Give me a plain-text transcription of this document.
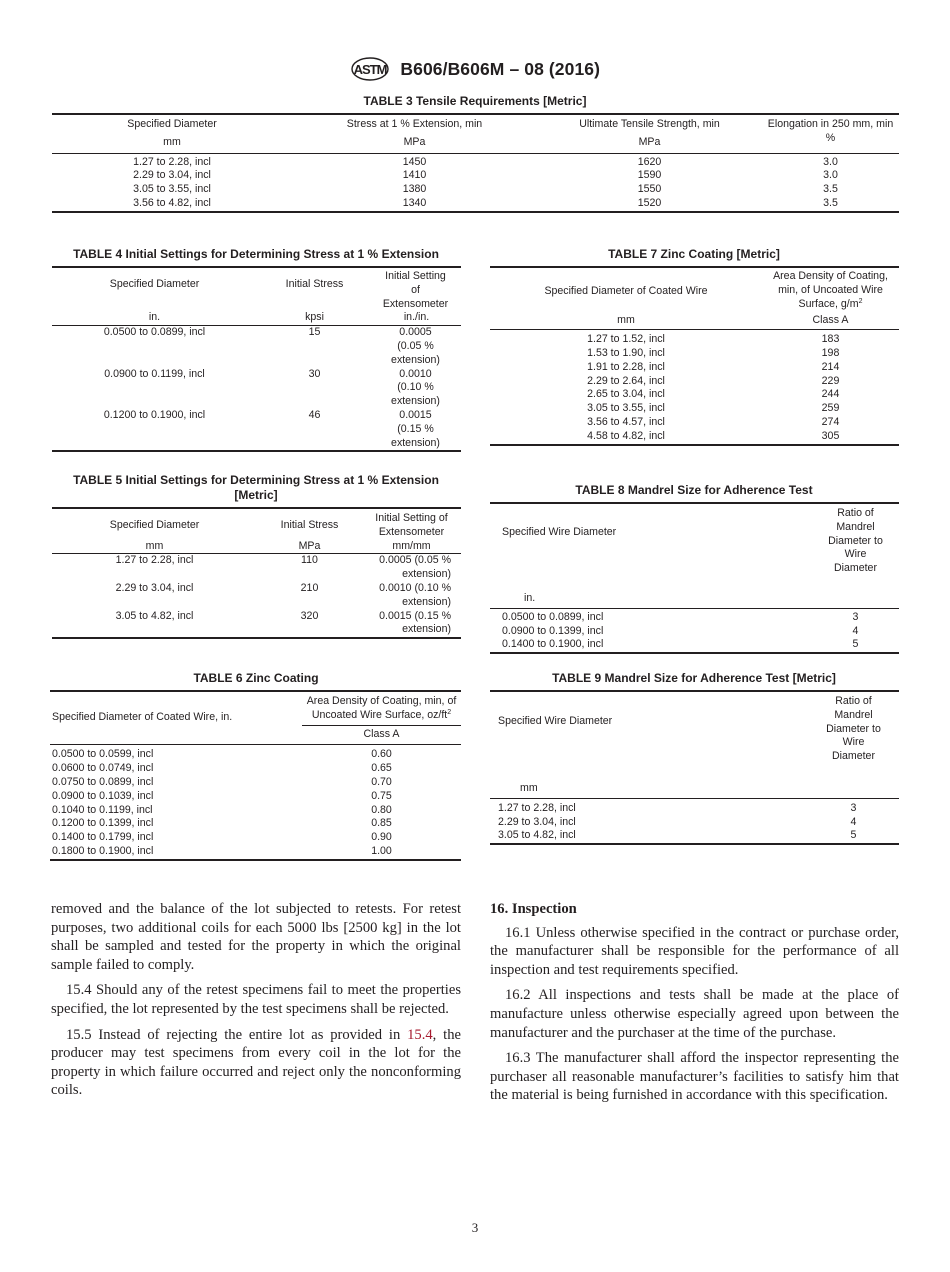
ASTM B606/B606M – 08 (2016)
TABLE 3 Tensile Requirements [Metric]
Specified Diameter	Stress at 1 % Extension, min	Ultimate Tensile Strength, min	Elongation in 250 mm, min %
mm	MPa	MPa	
1.27 to 2.28, incl	1450	1620	3.0
2.29 to 3.04, incl	1410	1590	3.0
3.05 to 3.55, incl	1380	1550	3.5
3.56 to 4.82, incl	1340	1520	3.5
TABLE 4 Initial Settings for Determining Stress at 1 % Extension
Specified Diameter	Initial Stress	Initial Setting of Extensometer
in.	kpsi	in./in.
0.0500 to 0.0899, incl	15	0.0005 (0.05 % extension)
0.0900 to 0.1199, incl	30	0.0010 (0.10 % extension)
0.1200 to 0.1900, incl	46	0.0015 (0.15 % extension)
TABLE 7 Zinc Coating [Metric]
Specified Diameter of Coated Wire	Area Density of Coating, min, of Uncoated Wire Surface, $g/m^2$
mm	Class A
1.27 to 1.52, incl	183
1.53 to 1.90, incl	198
1.91 to 2.28, incl	214
2.29 to 2.64, incl	229
2.65 to 3.04, incl	244
3.05 to 3.55, incl	259
3.56 to 4.57, incl	274
4.58 to 4.82, incl	305
TABLE 5 Initial Settings for Determining Stress at 1 % Extension [Metric]
Specified Diameter	Initial Stress	Initial Setting of Extensometer
mm	MPa	mm/mm
1.27 to 2.28, incl	110	0.0005 (0.05 % extension)
2.29 to 3.04, incl	210	0.0010 (0.10 % extension)
3.05 to 4.82, incl	320	0.0015 (0.15 % extension)
TABLE 8 Mandrel Size for Adherence Test
Specified Wire Diameter	Ratio of Mandrel Diameter to Wire Diameter
in.	
0.0500 to 0.0899, incl	3
0.0900 to 0.1399, incl	4
0.1400 to 0.1900, incl	5
TABLE 6 Zinc Coating
Specified Diameter of Coated Wire, in.	Area Density of Coating, min, of Uncoated Wire Surface, $oz/ft^2$
	Class A
0.0500 to 0.0599, incl	0.60
0.0600 to 0.0749, incl	0.65
0.0750 to 0.0899, incl	0.70
0.0900 to 0.1039, incl	0.75
0.1040 to 0.1199, incl	0.80
0.1200 to 0.1399, incl	0.85
0.1400 to 0.1799, incl	0.90
0.1800 to 0.1900, incl	1.00
TABLE 9 Mandrel Size for Adherence Test [Metric]
Specified Wire Diameter	Ratio of Mandrel Diameter to Wire Diameter
mm	
1.27 to 2.28, incl	3
2.29 to 3.04, incl	4
3.05 to 4.82, incl	5

removed and the balance of the lot subjected to retests. For retest purposes, two additional coils for each 5000 lbs [2500 kg] in the lot shall be sampled and tested for the property in which the original sample failed to comply.

15.4 Should any of the retest specimens fail to meet the properties specified, the lot represented by the test specimens shall be rejected.

15.5 Instead of rejecting the entire lot as provided in 15.4, the producer may test specimens from every coil in the lot for the property in which failure occurred and reject only the nonconforming coils.

16. Inspection

16.1 Unless otherwise specified in the contract or purchase order, the manufacturer shall be responsible for the performance of all inspection and test requirements specified.

16.2 All inspections and tests shall be made at the place of manufacture unless otherwise especially agreed upon between the manufacturer and the purchaser at the time of the purchase.

16.3 The manufacturer shall afford the inspector representing the purchaser all reasonable manufacturer’s facilities to satisfy him that the material is being furnished in accordance with this specification.

3
